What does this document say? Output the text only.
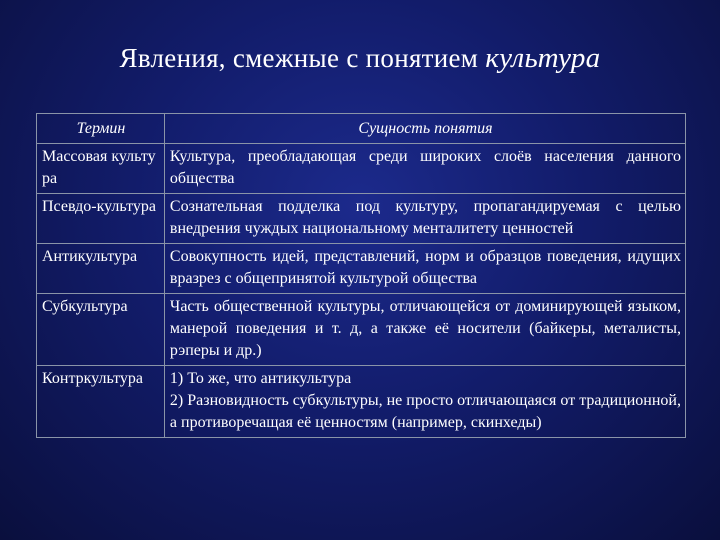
Явления, смежные с понятием культура
Термин	Сущность понятия
Массовая культура	Культура, преобладающая среди широких слоёв населения данного общества

Псевдо-культура	Сознательная подделка под культуру, пропагандируемая с целью внедрения чуждых национальному менталитету ценностей

Антикультура	Совокупность идей, представлений, норм и образцов поведения, идущих вразрез с общепринятой культурой общества

Субкультура	Часть общественной культуры, отличающейся от доминирующей языком, манерой поведения и т. д, а также её носители (байкеры, металисты, рэперы и др.)

Контркультура	1) То же, что антикультура
2) Разновидность субкультуры, не просто отличающаяся от традиционной, а противоречащая её ценностям (например, скинхеды)
